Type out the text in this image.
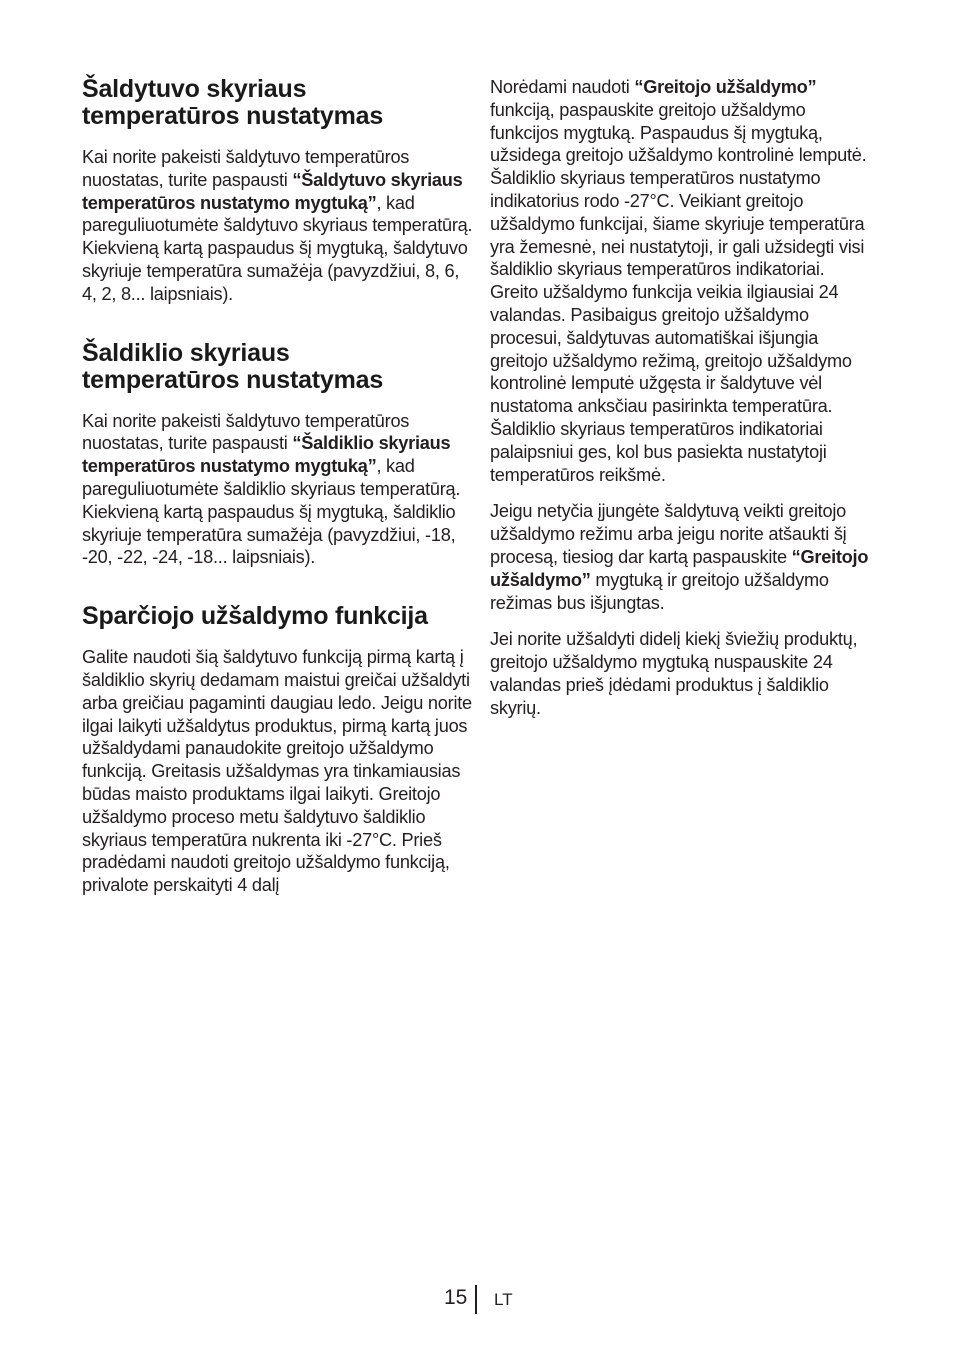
Šaldytuvo skyriaus
temperatūros nustatymas

Kai norite pakeisti šaldytuvo temperatūros nuostatas, turite paspausti “Šaldytuvo skyriaus temperatūros nustatymo mygtuką”, kad pareguliuotumėte šaldytuvo skyriaus temperatūrą. Kiekvieną kartą paspaudus šį mygtuką, šaldytuvo skyriuje temperatūra sumažėja (pavyzdžiui, 8, 6, 4, 2, 8... laipsniais).

Šaldiklio skyriaus
temperatūros nustatymas

Kai norite pakeisti šaldytuvo temperatūros nuostatas, turite paspausti “Šaldiklio skyriaus temperatūros nustatymo mygtuką”, kad pareguliuotumėte šaldiklio skyriaus temperatūrą. Kiekvieną kartą paspaudus šį mygtuką, šaldiklio skyriuje temperatūra sumažėja (pavyzdžiui, -18, -20, -22, -24, -18... laipsniais).

Sparčiojo užšaldymo funkcija

Galite naudoti šią šaldytuvo funkciją pirmą kartą į šaldiklio skyrių dedamam maistui greičai užšaldyti arba greičiau pagaminti daugiau ledo. Jeigu norite ilgai laikyti užšaldytus produktus, pirmą kartą juos užšaldydami panaudokite greitojo užšaldymo funkciją. Greitasis užšaldymas yra tinkamiausias būdas maisto produktams ilgai laikyti. Greitojo užšaldymo proceso metu šaldytuvo šaldiklio skyriaus temperatūra nukrenta iki -27°C. Prieš pradėdami naudoti greitojo užšaldymo funkciją, privalote perskaityti 4 dalį

Norėdami naudoti “Greitojo užšaldymo” funkciją, paspauskite greitojo užšaldymo funkcijos mygtuką. Paspaudus šį mygtuką, užsidega greitojo užšaldymo kontrolinė lemputė. Šaldiklio skyriaus temperatūros nustatymo indikatorius rodo -27°C. Veikiant greitojo užšaldymo funkcijai, šiame skyriuje temperatūra yra žemesnė, nei nustatytoji, ir gali užsidegti visi šaldiklio skyriaus temperatūros indikatoriai. Greito užšaldymo funkcija veikia ilgiausiai 24 valandas. Pasibaigus greitojo užšaldymo procesui, šaldytuvas automatiškai išjungia greitojo užšaldymo režimą, greitojo užšaldymo kontrolinė lemputė užgęsta ir šaldytuve vėl nustatoma anksčiau pasirinkta temperatūra. Šaldiklio skyriaus temperatūros indikatoriai palaipsniui ges, kol bus pasiekta nustatytoji temperatūros reikšmė.

Jeigu netyčia įjungėte šaldytuvą veikti greitojo užšaldymo režimu arba jeigu norite atšaukti šį procesą, tiesiog dar kartą paspauskite “Greitojo užšaldymo” mygtuką ir greitojo užšaldymo režimas bus išjungtas.

Jei norite užšaldyti didelį kiekį šviežių produktų, greitojo užšaldymo mygtuką nuspauskite 24 valandas prieš įdėdami produktus į šaldiklio skyrių.

15 LT
